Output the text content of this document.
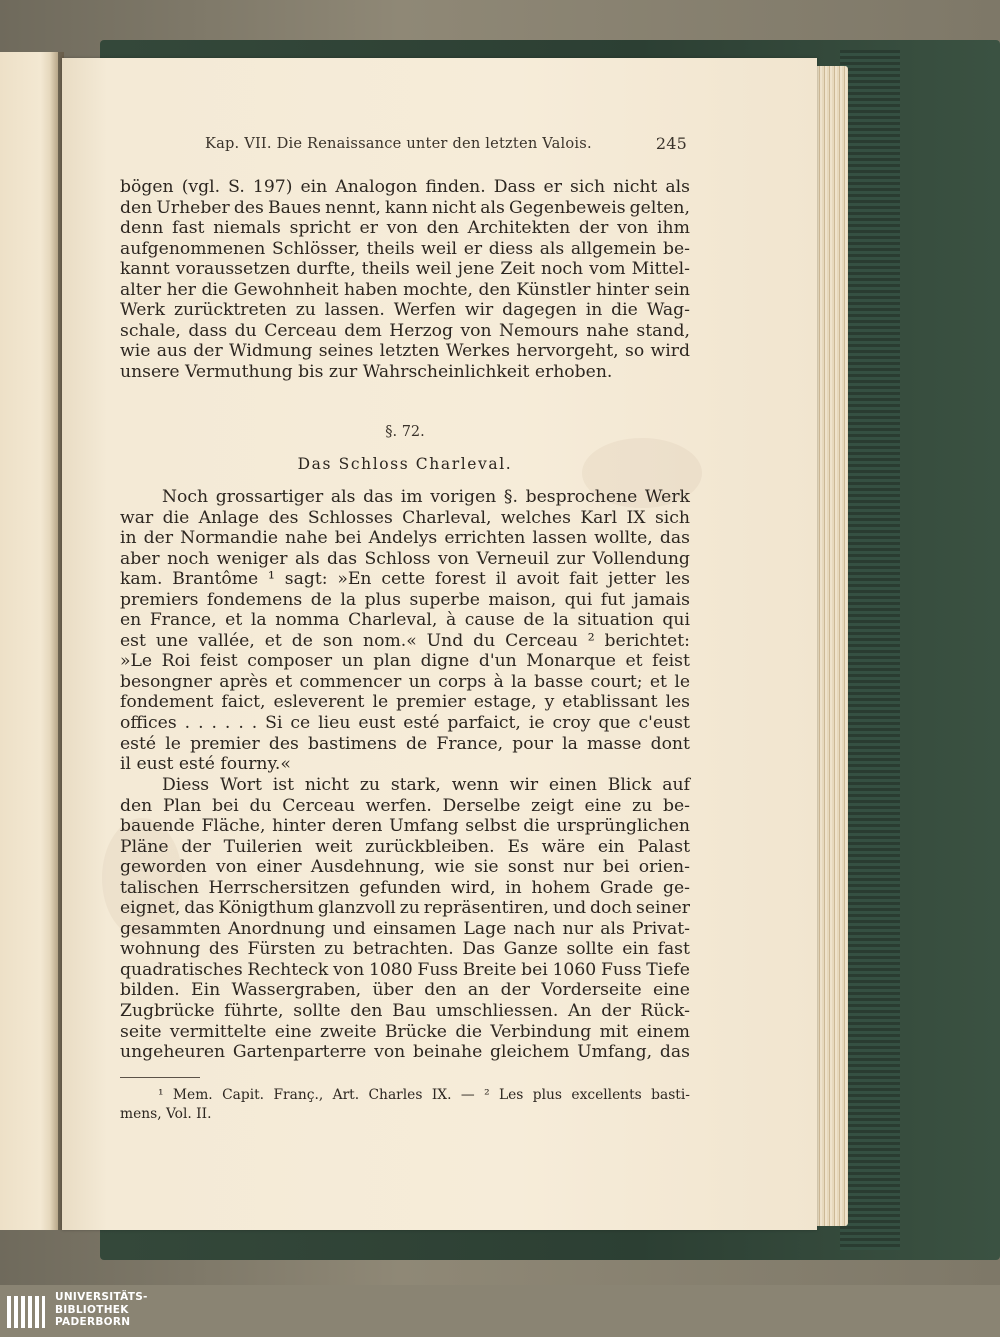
Kap. VII. Die Renaissance unter den letzten Valois.	245
bögen (vgl. S. 197) ein Analogon finden. Dass er sich nicht als
den Urheber des Baues nennt, kann nicht als Gegenbeweis gelten,
denn fast niemals spricht er von den Architekten der von ihm
aufgenommenen Schlösser, theils weil er diess als allgemein be-
kannt voraussetzen durfte, theils weil jene Zeit noch vom Mittel-
alter her die Gewohnheit haben mochte, den Künstler hinter sein
Werk zurücktreten zu lassen. Werfen wir dagegen in die Wag-
schale, dass du Cerceau dem Herzog von Nemours nahe stand,
wie aus der Widmung seines letzten Werkes hervorgeht, so wird
unsere Vermuthung bis zur Wahrscheinlichkeit erhoben.
§. 72.
Das Schloss Charleval.
Noch grossartiger als das im vorigen §. besprochene Werk
war die Anlage des Schlosses Charleval, welches Karl IX sich
in der Normandie nahe bei Andelys errichten lassen wollte, das
aber noch weniger als das Schloss von Verneuil zur Vollendung
kam. Brantôme ¹ sagt: »En cette forest il avoit fait jetter les
premiers fondemens de la plus superbe maison, qui fut jamais
en France, et la nomma Charleval, à cause de la situation qui
est une vallée, et de son nom.« Und du Cerceau ² berichtet:
»Le Roi feist composer un plan digne d'un Monarque et feist
besongner après et commencer un corps à la basse court; et le
fondement faict, esleverent le premier estage, y etablissant les
offices . . . . . . Si ce lieu eust esté parfaict, ie croy que c'eust
esté le premier des bastimens de France, pour la masse dont
il eust esté fourny.«
Diess Wort ist nicht zu stark, wenn wir einen Blick auf
den Plan bei du Cerceau werfen. Derselbe zeigt eine zu be-
bauende Fläche, hinter deren Umfang selbst die ursprünglichen
Pläne der Tuilerien weit zurückbleiben. Es wäre ein Palast
geworden von einer Ausdehnung, wie sie sonst nur bei orien-
talischen Herrschersitzen gefunden wird, in hohem Grade ge-
eignet, das Königthum glanzvoll zu repräsentiren, und doch seiner
gesammten Anordnung und einsamen Lage nach nur als Privat-
wohnung des Fürsten zu betrachten. Das Ganze sollte ein fast
quadratisches Rechteck von 1080 Fuss Breite bei 1060 Fuss Tiefe
bilden. Ein Wassergraben, über den an der Vorderseite eine
Zugbrücke führte, sollte den Bau umschliessen. An der Rück-
seite vermittelte eine zweite Brücke die Verbindung mit einem
ungeheuren Gartenparterre von beinahe gleichem Umfang, das
¹ Mem. Capit. Franç., Art. Charles IX. — ² Les plus excellents basti-
mens, Vol. II.
UNIVERSITÄTS-
BIBLIOTHEK
PADERBORN
